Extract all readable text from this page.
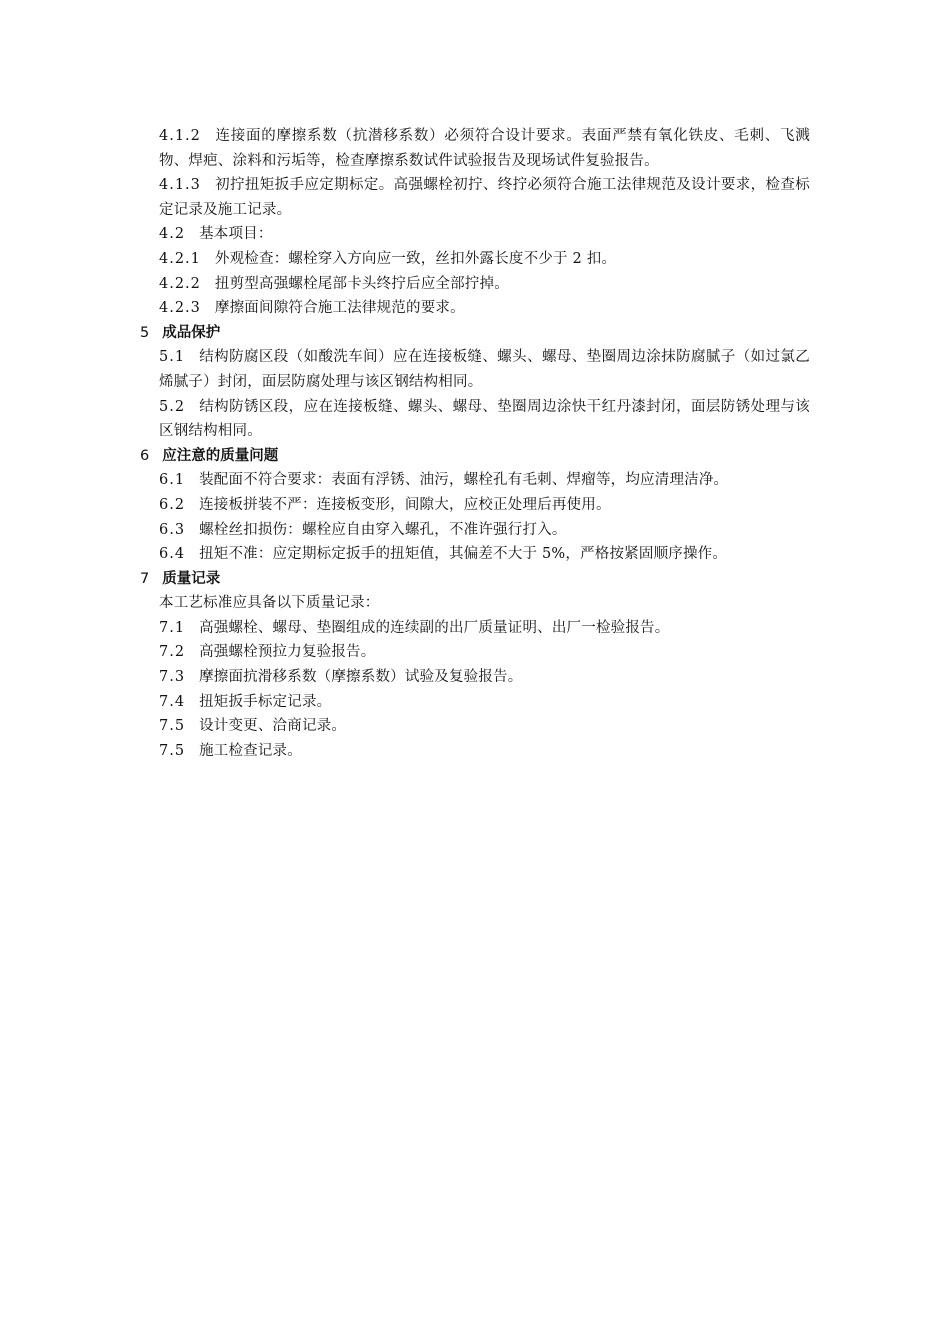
4.1.2 连接面的摩擦系数（抗潜移系数）必须符合设计要求。表面严禁有氧化铁皮、毛刺、飞溅物、焊疤、涂料和污垢等，检查摩擦系数试件试验报告及现场试件复验报告。
4.1.3 初拧扭矩扳手应定期标定。高强螺栓初拧、终拧必须符合施工法律规范及设计要求，检查标定记录及施工记录。
4.2 基本项目：
4.2.1 外观检查：螺栓穿入方向应一致，丝扣外露长度不少于 2 扣。
4.2.2 扭剪型高强螺栓尾部卡头终拧后应全部拧掉。
4.2.3 摩擦面间隙符合施工法律规范的要求。
5 成品保护
5.1 结构防腐区段（如酸洗车间）应在连接板缝、螺头、螺母、垫圈周边涂抹防腐腻子（如过氯乙烯腻子）封闭，面层防腐处理与该区钢结构相同。
5.2 结构防锈区段，应在连接板缝、螺头、螺母、垫圈周边涂快干红丹漆封闭，面层防锈处理与该区钢结构相同。
6 应注意的质量问题
6.1 装配面不符合要求：表面有浮锈、油污，螺栓孔有毛刺、焊瘤等，均应清理洁净。
6.2 连接板拼装不严：连接板变形，间隙大，应校正处理后再使用。
6.3 螺栓丝扣损伤：螺栓应自由穿入螺孔，不准许强行打入。
6.4 扭矩不准：应定期标定扳手的扭矩值，其偏差不大于 5%，严格按紧固顺序操作。
7 质量记录
本工艺标准应具备以下质量记录：
7.1 高强螺栓、螺母、垫圈组成的连续副的出厂质量证明、出厂一检验报告。
7.2 高强螺栓预拉力复验报告。
7.3 摩擦面抗滑移系数（摩擦系数）试验及复验报告。
7.4 扭矩扳手标定记录。
7.5 设计变更、洽商记录。
7.5 施工检查记录。
